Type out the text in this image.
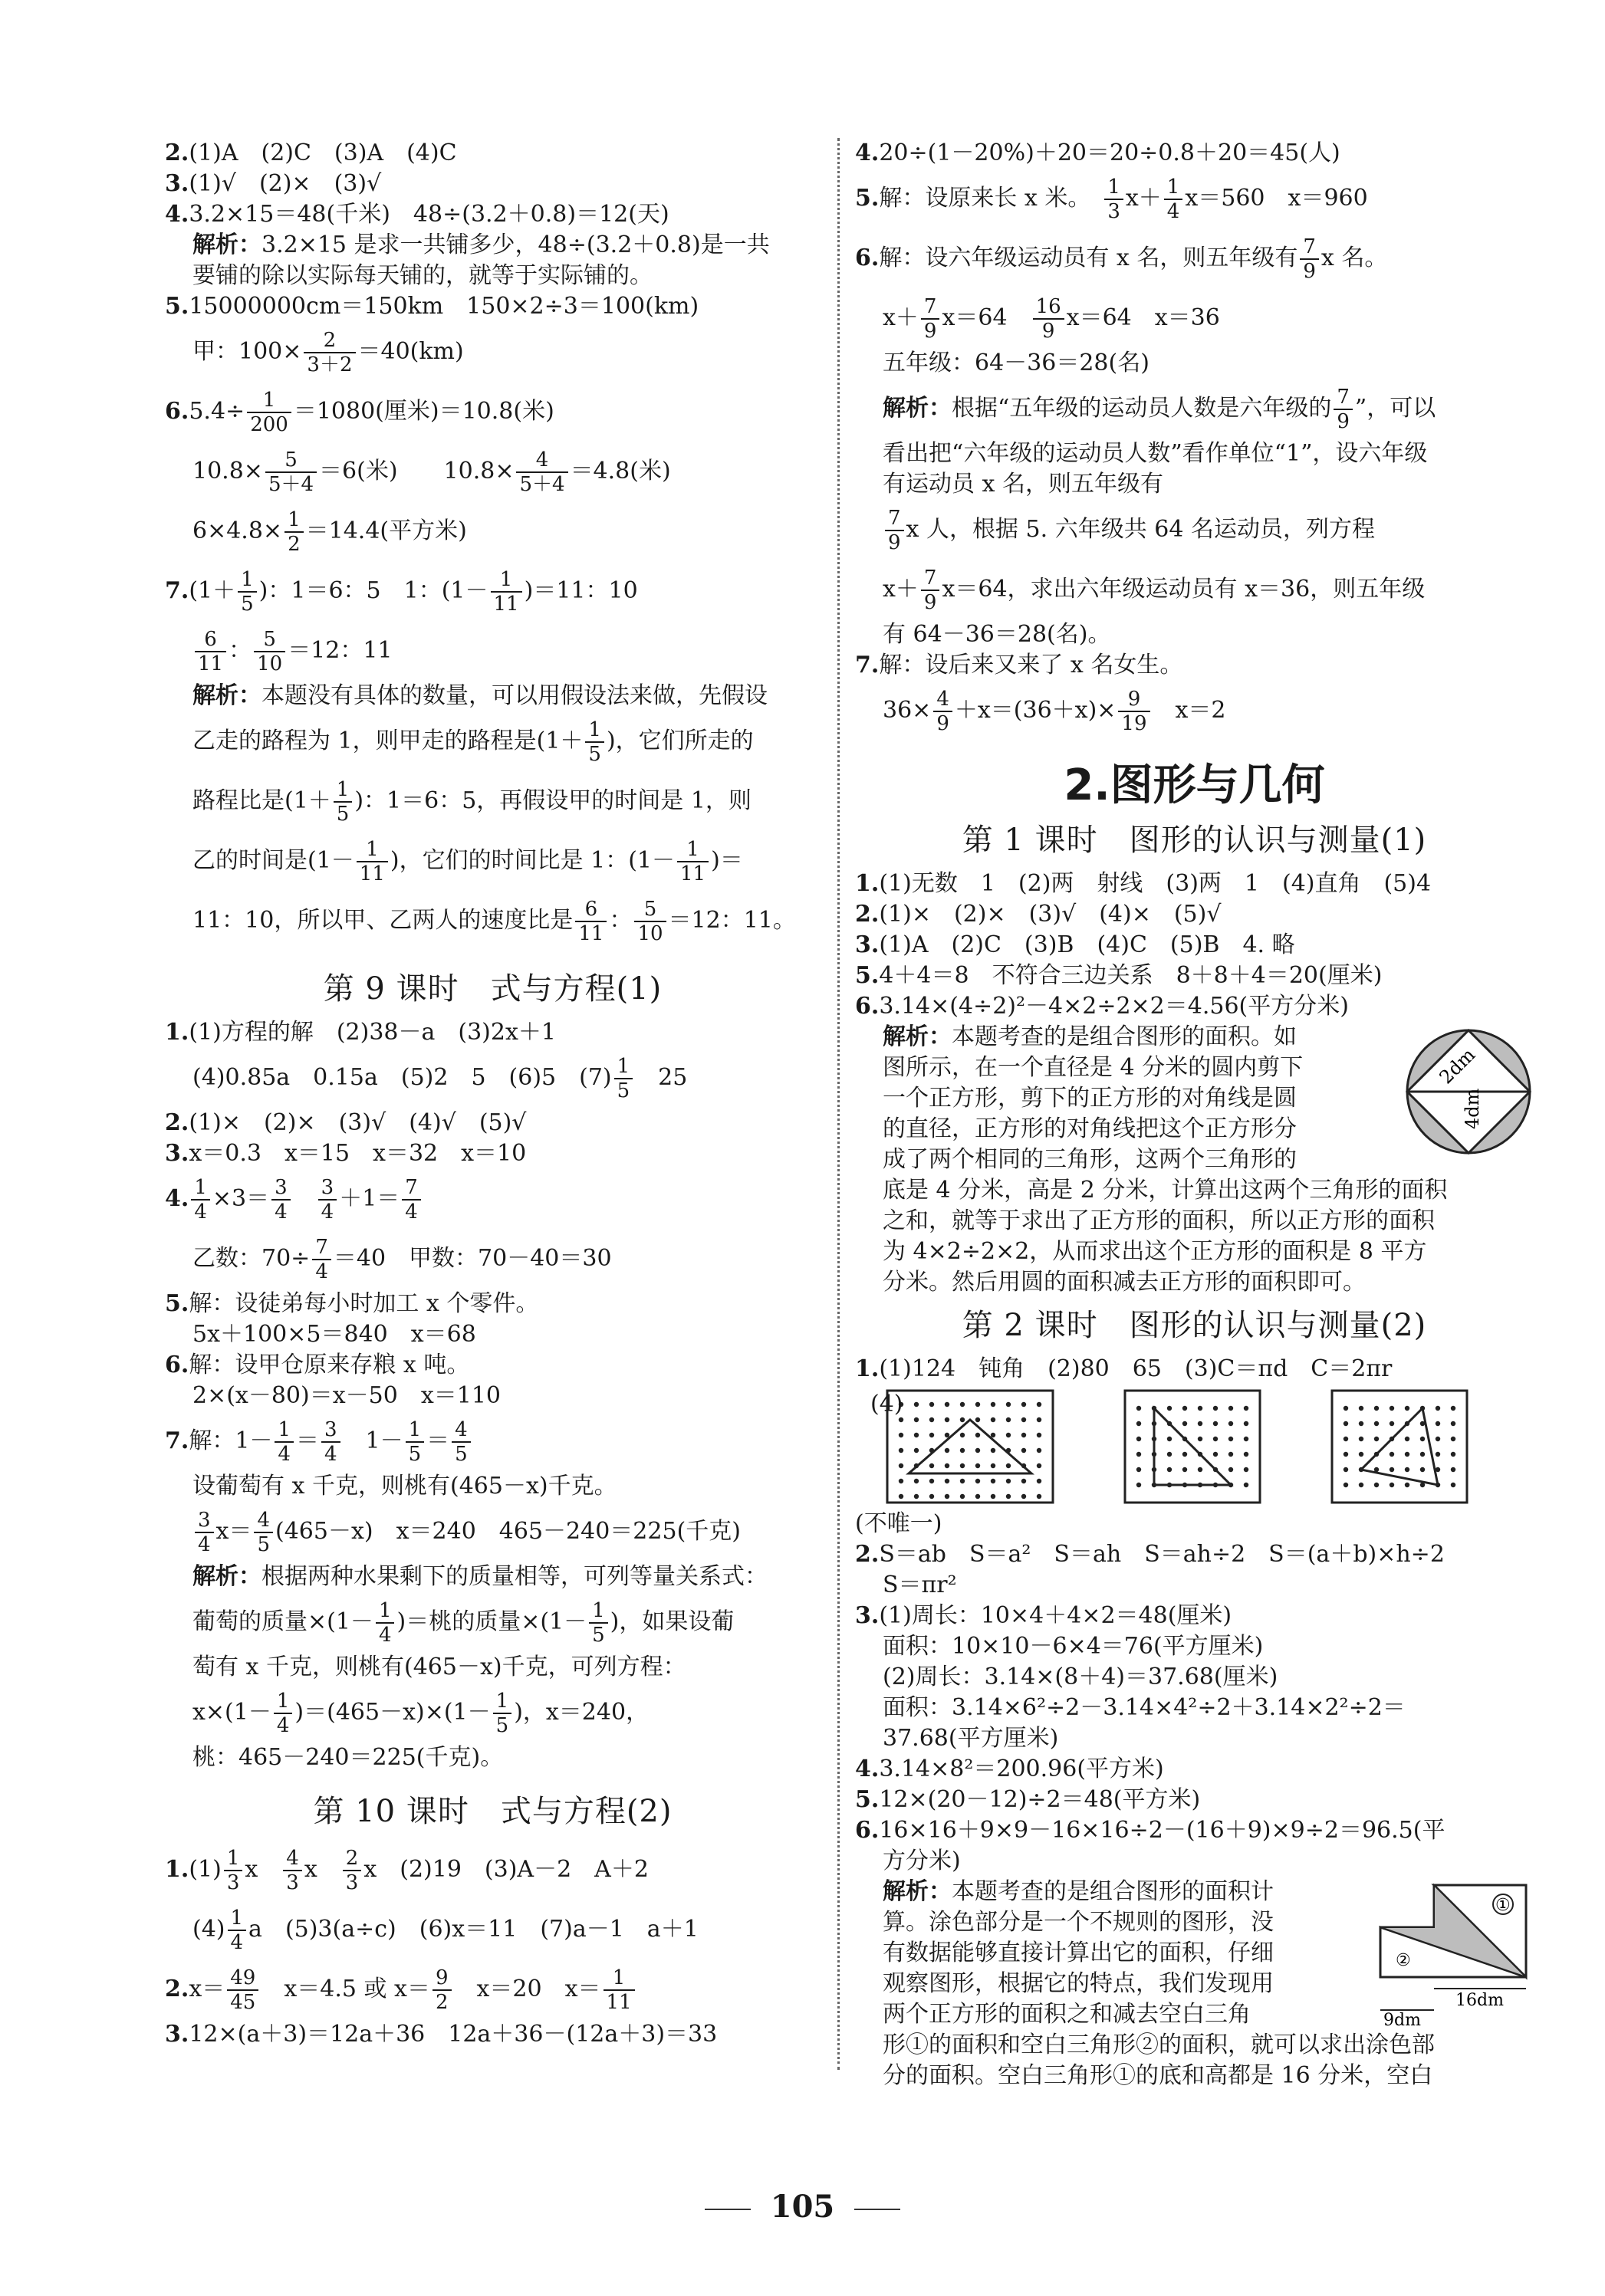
2.(1)A　(2)C　(3)A　(4)C

3.(1)√　(2)×　(3)√

4.3.2×15＝48(千米)　48÷(3.2＋0.8)＝12(天)

解析：3.2×15 是求一共铺多少，48÷(3.2＋0.8)是一共

要铺的除以实际每天铺的，就等于实际铺的。

5.15000000cm＝150km　150×2÷3＝100(km)

甲：$100\times \frac{2}{3+2} =40(km)$

$6.5.4\div \frac{1}{200} =1080$(厘米)＝10.8(米)

$10.8\times \frac{5}{5+4} =6$(米)　　$10.8\times \frac{4}{5+4} =4.8$(米)

$6\times 4.8\times \frac{1}{2} =14.4$(平方米)

$7.(1+ \frac{1}{5}$ )：1＝6：5　1：$(1- \frac{1}{11} )=11$：10

$\frac{6}{11}$ ： $\frac{5}{10} =12$：11

解析：本题没有具体的数量，可以用假设法来做，先假设

乙走的路程为 1，则甲走的路程是($1+ \frac{1}{5}$ )，它们所走的

路程比是($1+ \frac{1}{5}$ )：1＝6：5，再假设甲的时间是 1，则

乙的时间是($1- \frac{1}{11}$ )，它们的时间比是 1：($1- \frac{1}{11}$ )＝

11：10，所以甲、乙两人的速度比是 $\frac{6}{11}$ ： $\frac{5}{10} =12$：11。

第 9 课时　式与方程(1)

1.(1)方程的解　(2)38－a　(3)2x＋1

(4)0.85a　0.15a　(5)2　5　(6)5　$(7) \frac{1}{5}$
　 25

2.(1)×　(2)×　(3)√　(4)√　(5)√

3.x＝0.3　x＝15　x＝32　x＝10

4. $\frac{1}{4} \times 3= \frac{3}{4}$
　 $\frac{3}{4} +1= \frac{7}{4}$

乙数：$70\div \frac{7}{4} =40$　甲数：70－40＝30

5.解：设徒弟每小时加工 x 个零件。

5x＋100×5＝840　x＝68

6.解：设甲仓原来存粮 x 吨。

2×(x－80)＝x－50　x＝110

7.解：$1- \frac{1}{4} = \frac{3}{4}$
　 $1- \frac{1}{5} = \frac{4}{5}$

设葡萄有 x 千克，则桃有(465－x)千克。

$\frac{3}{4} x= \frac{4}{5} (465-x)$　x＝240　465－240＝225(千克)

解析：根据两种水果剩下的质量相等，可列等量关系式：

葡萄的质量$\times(1- \frac{1}{4}$ )＝桃的质量$\times(1- \frac{1}{5}$ )，如果设葡

萄有 x 千克，则桃有(465－x)千克，可列方程：

$x\times(1- \frac{1}{4} )=(465-x)\times(1- \frac{1}{5}$ )，x＝240，

桃：465－240＝225(千克)。

第 10 课时　式与方程(2)

$1.(1) \frac{1}{3}$ x　 $\frac{4}{3}$ x　 $\frac{2}{3}$ x　 (2)19　(3)A－2　A＋2

$(4) \frac{1}{4}$ a　 (5)3(a÷c)　(6)x＝11　(7)a－1　a＋1

$2.x= \frac{49}{45}$
　 x＝4.5 或 $x= \frac{9}{2}$
　 x＝20　$x= \frac{1}{11}$

3.12×(a＋3)＝12a＋36　12a＋36－(12a＋3)＝33

4.20÷(1－20%)＋20＝20÷0.8＋20＝45(人)

5.解：设原来长 x 米。　 $\frac{1}{3} x+ \frac{1}{4} x=560$　x＝960

6.解：设六年级运动员有 x 名，则五年级有 $\frac{7}{9}$ x 名。

$x+ \frac{7}{9} x=64$　 $\frac{16}{9} x=64$　x＝36

五年级：64－36＝28(名)

解析：根据“五年级的运动员人数是六年级的 $\frac{7}{9}$ ”，可以

看出把“六年级的运动员人数”看作单位“1”，设六年级

有运动员 x 名，则五年级有

$\frac{7}{9}$ x 人，根据 5. 六年级共 64 名运动员，列方程

$x+ \frac{7}{9} x=64$，求出六年级运动员有 x＝36，则五年级

有 64－36＝28(名)。

7.解：设后来又来了 x 名女生。

$36\times \frac{4}{9} +x=(36+x)\times \frac{9}{19}$
　 x＝2

2.图形与几何

第 1 课时　图形的认识与测量(1)

1.(1)无数　1　(2)两　射线　(3)两　1　(4)直角　(5)4

2.(1)×　(2)×　(3)√　(4)×　(5)√

3.(1)A　(2)C　(3)B　(4)C　(5)B　4. 略

5.4＋4＝8　不符合三边关系　8＋8＋4＝20(厘米)

6.3.14×(4÷2)²－4×2÷2×2＝4.56(平方分米)

2dm
4dm

解析：本题考查的是组合图形的面积。如

图所示，在一个直径是 4 分米的圆内剪下

一个正方形，剪下的正方形的对角线是圆

的直径，正方形的对角线把这个正方形分

成了两个相同的三角形，这两个三角形的

底是 4 分米，高是 2 分米，计算出这两个三角形的面积

之和，就等于求出了正方形的面积，所以正方形的面积

为 4×2÷2×2，从而求出这个正方形的面积是 8 平方

分米。然后用圆的面积减去正方形的面积即可。

第 2 课时　图形的认识与测量(2)

1.(1)124　钝角　(2)80　65　(3)C＝πd　C＝2πr

(4)

(不唯一)

2.S＝ab　S＝a²　S＝ah　S＝ah÷2　S＝(a＋b)×h÷2

S＝πr²

3.(1)周长：10×4＋4×2＝48(厘米)

面积：10×10－6×4＝76(平方厘米)

(2)周长：3.14×(8＋4)＝37.68(厘米)

面积：3.14×6²÷2－3.14×4²÷2＋3.14×2²÷2＝

37.68(平方厘米)

4.3.14×8²＝200.96(平方米)

5.12×(20－12)÷2＝48(平方米)

6.16×16＋9×9－16×16÷2－(16＋9)×9÷2＝96.5(平

方分米)

①
②
16dm
9dm

解析：本题考查的是组合图形的面积计

算。涂色部分是一个不规则的图形，没

有数据能够直接计算出它的面积，仔细

观察图形，根据它的特点，我们发现用

两个正方形的面积之和减去空白三角

形①的面积和空白三角形②的面积，就可以求出涂色部

分的面积。空白三角形①的底和高都是 16 分米，空白

105
